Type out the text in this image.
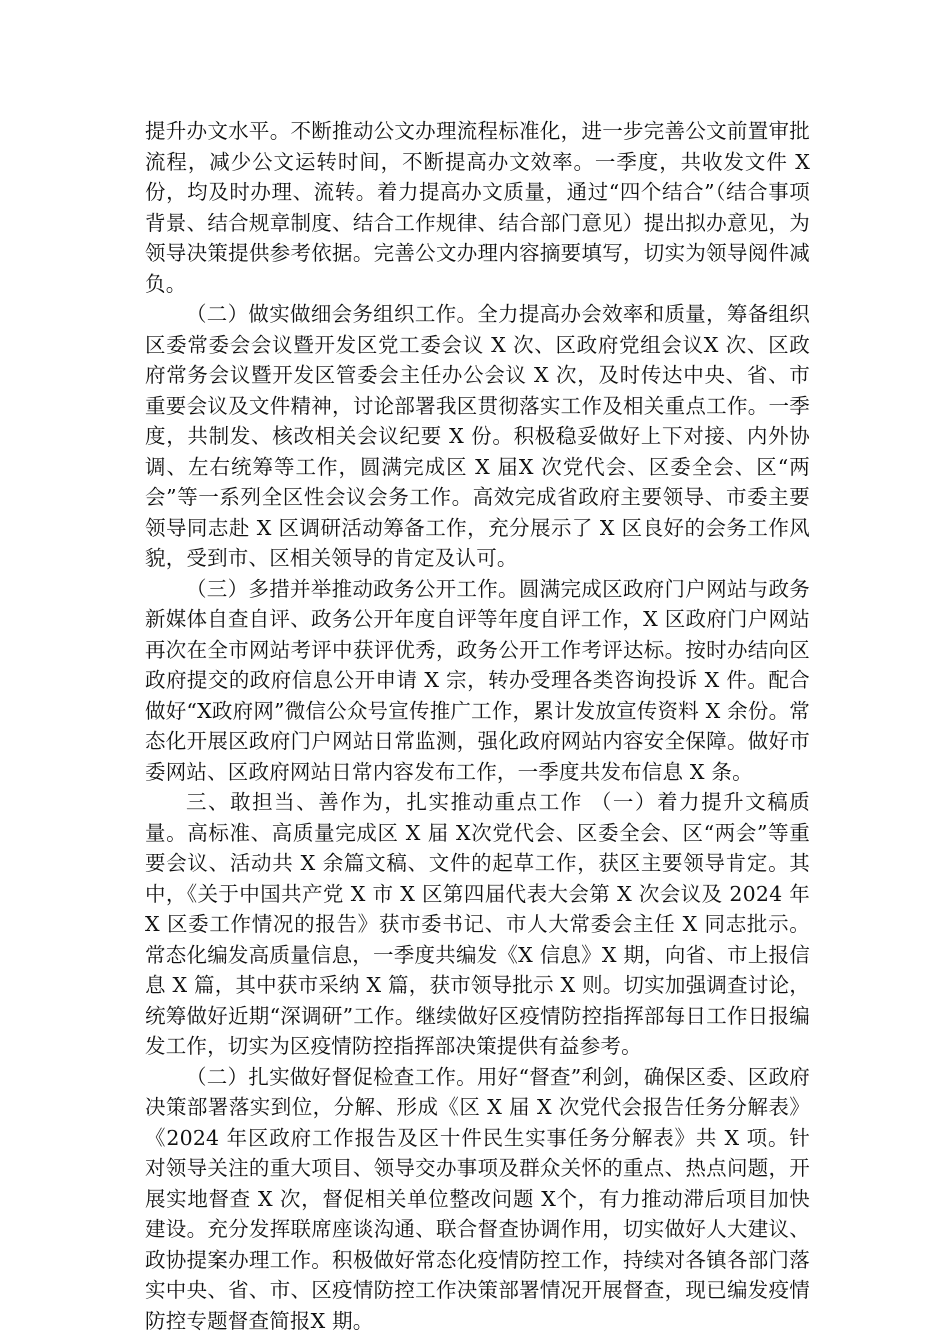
提升办文水平。不断推动公文办理流程标准化，进一步完善公文前置审批流程，减少公文运转时间，不断提高办文效率。一季度，共收发文件 X 份，均及时办理、流转。着力提高办文质量，通过“四个结合”（结合事项背景、结合规章制度、结合工作规律、结合部门意见）提出拟办意见，为领导决策提供参考依据。完善公文办理内容摘要填写，切实为领导阅件减负。

（二）做实做细会务组织工作。全力提高办会效率和质量，筹备组织区委常委会会议暨开发区党工委会议 X 次、区政府党组会议X 次、区政府常务会议暨开发区管委会主任办公会议 X 次，及时传达中央、省、市重要会议及文件精神，讨论部署我区贯彻落实工作及相关重点工作。一季度，共制发、核改相关会议纪要 X 份。积极稳妥做好上下对接、内外协调、左右统筹等工作，圆满完成区 X 届X 次党代会、区委全会、区“两会”等一系列全区性会议会务工作。高效完成省政府主要领导、市委主要领导同志赴 X 区调研活动筹备工作，充分展示了 X 区良好的会务工作风貌，受到市、区相关领导的肯定及认可。

（三）多措并举推动政务公开工作。圆满完成区政府门户网站与政务新媒体自查自评、政务公开年度自评等年度自评工作，X 区政府门户网站再次在全市网站考评中获评优秀，政务公开工作考评达标。按时办结向区政府提交的政府信息公开申请 X 宗，转办受理各类咨询投诉 X 件。配合做好“X政府网”微信公众号宣传推广工作，累计发放宣传资料 X 余份。常态化开展区政府门户网站日常监测，强化政府网站内容安全保障。做好市委网站、区政府网站日常内容发布工作，一季度共发布信息 X 条。

三、敢担当、善作为，扎实推动重点工作 （一）着力提升文稿质量。高标准、高质量完成区 X 届 X次党代会、区委全会、区“两会”等重要会议、活动共 X 余篇文稿、文件的起草工作，获区主要领导肯定。其中，《关于中国共产党 X 市 X 区第四届代表大会第 X 次会议及 2024 年 X 区委工作情况的报告》获市委书记、市人大常委会主任 X 同志批示。常态化编发高质量信息，一季度共编发《X 信息》X 期，向省、市上报信息 X 篇，其中获市采纳 X 篇，获市领导批示 X 则。切实加强调查讨论，统筹做好近期“深调研”工作。继续做好区疫情防控指挥部每日工作日报编发工作，切实为区疫情防控指挥部决策提供有益参考。

（二）扎实做好督促检查工作。用好“督查”利剑，确保区委、区政府决策部署落实到位，分解、形成《区 X 届 X 次党代会报告任务分解表》《2024 年区政府工作报告及区十件民生实事任务分解表》共 X 项。针对领导关注的重大项目、领导交办事项及群众关怀的重点、热点问题，开展实地督查 X 次，督促相关单位整改问题 X个，有力推动滞后项目加快建设。充分发挥联席座谈沟通、联合督查协调作用，切实做好人大建议、政协提案办理工作。积极做好常态化疫情防控工作，持续对各镇各部门落实中央、省、市、区疫情防控工作决策部署情况开展督查，现已编发疫情防控专题督查简报X 期。
